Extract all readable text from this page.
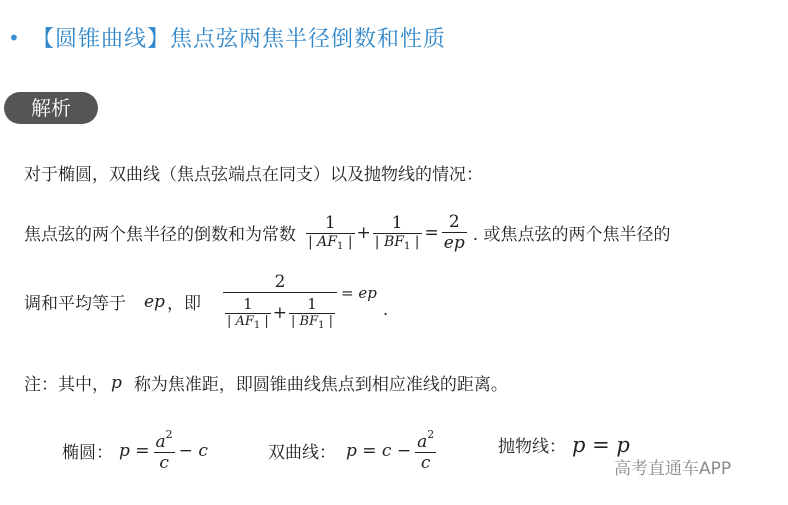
• 【圆锥曲线】焦点弦两焦半径倒数和性质
解析
对于椭圆，双曲线（焦点弦端点在同支）以及抛物线的情况：
焦点弦的两个焦半径的倒数和为常数 $\frac{1}{| AF_1 |} + \frac{1}{| BF_1 |} = \frac{2}{ep}$ . 或焦点弦的两个焦半径的
调和平均等于 ep ，即
2
$\frac{1}{| AF_1 |} + \frac{1}{| BF_1 |}$
= ep
.
注：其中， p 称为焦准距，即圆锥曲线焦点到相应准线的距离。
椭圆： $p = \frac{a^2}{c} - c$	双曲线： $p = c - \frac{a^2}{c}$	抛物线： p = p
高考直通车APP
